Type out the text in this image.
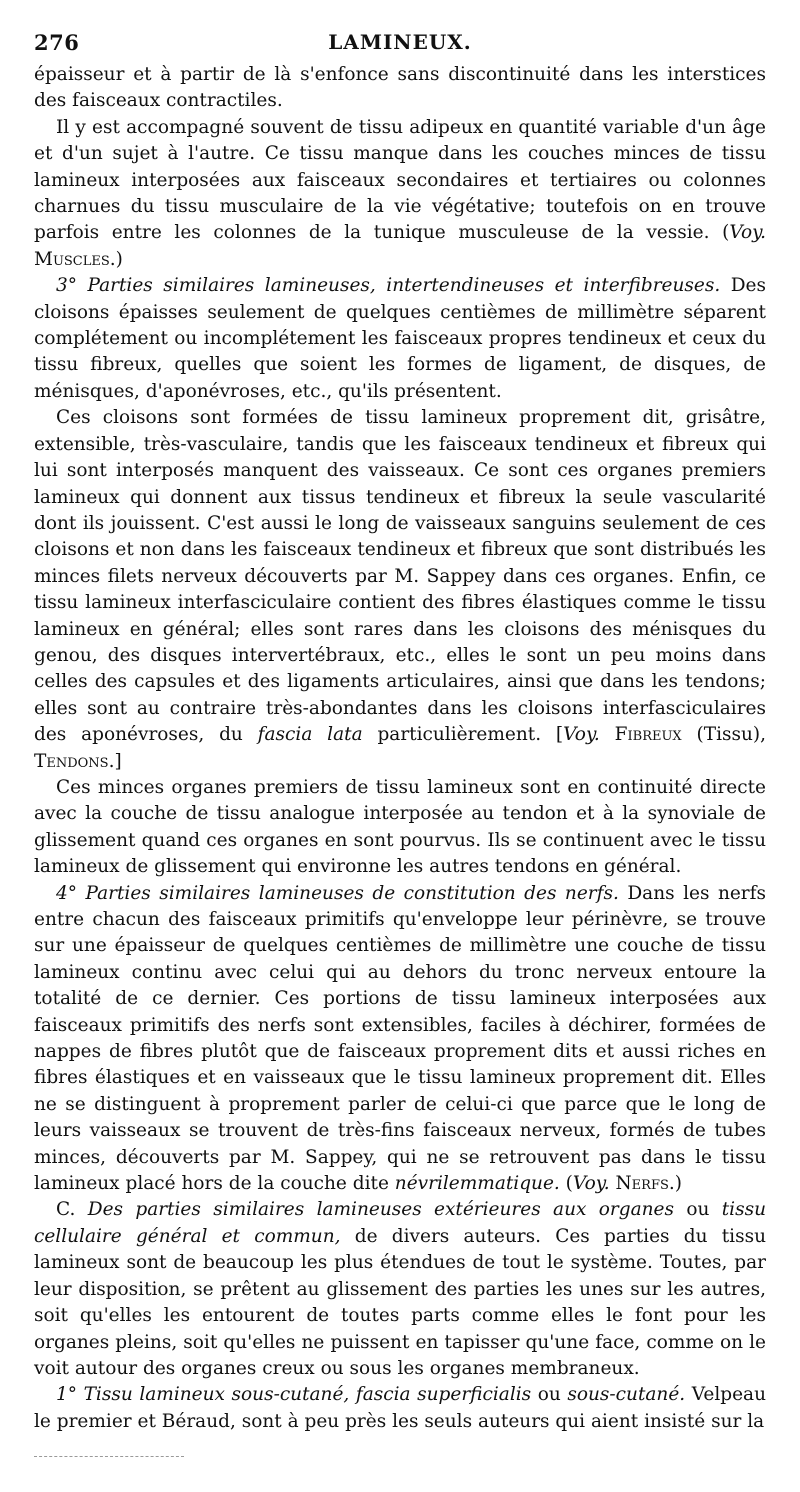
276	LAMINEUX.

épaisseur et à partir de là s'enfonce sans discontinuité dans les interstices des faisceaux contractiles.

Il y est accompagné souvent de tissu adipeux en quantité variable d'un âge et d'un sujet à l'autre. Ce tissu manque dans les couches minces de tissu lamineux interposées aux faisceaux secondaires et tertiaires ou colonnes charnues du tissu musculaire de la vie végétative; toutefois on en trouve parfois entre les colonnes de la tunique musculeuse de la vessie. (Voy. Muscles.)

3° Parties similaires lamineuses, intertendineuses et interfibreuses. Des cloisons épaisses seulement de quelques centièmes de millimètre séparent complétement ou incomplétement les faisceaux propres tendineux et ceux du tissu fibreux, quelles que soient les formes de ligament, de disques, de ménisques, d'aponévroses, etc., qu'ils présentent.

Ces cloisons sont formées de tissu lamineux proprement dit, grisâtre, extensible, très-vasculaire, tandis que les faisceaux tendineux et fibreux qui lui sont interposés manquent des vaisseaux. Ce sont ces organes premiers lamineux qui donnent aux tissus tendineux et fibreux la seule vascularité dont ils jouissent. C'est aussi le long de vaisseaux sanguins seulement de ces cloisons et non dans les faisceaux tendineux et fibreux que sont distribués les minces filets nerveux découverts par M. Sappey dans ces organes. Enfin, ce tissu lamineux interfasciculaire contient des fibres élastiques comme le tissu lamineux en général; elles sont rares dans les cloisons des ménisques du genou, des disques intervertébraux, etc., elles le sont un peu moins dans celles des capsules et des ligaments articulaires, ainsi que dans les tendons; elles sont au contraire très-abondantes dans les cloisons interfasciculaires des aponévroses, du fascia lata particulièrement. [Voy. Fibreux (Tissu), Tendons.]

Ces minces organes premiers de tissu lamineux sont en continuité directe avec la couche de tissu analogue interposée au tendon et à la synoviale de glissement quand ces organes en sont pourvus. Ils se continuent avec le tissu lamineux de glissement qui environne les autres tendons en général.

4° Parties similaires lamineuses de constitution des nerfs. Dans les nerfs entre chacun des faisceaux primitifs qu'enveloppe leur périnèvre, se trouve sur une épaisseur de quelques centièmes de millimètre une couche de tissu lamineux continu avec celui qui au dehors du tronc nerveux entoure la totalité de ce dernier. Ces portions de tissu lamineux interposées aux faisceaux primitifs des nerfs sont extensibles, faciles à déchirer, formées de nappes de fibres plutôt que de faisceaux proprement dits et aussi riches en fibres élastiques et en vaisseaux que le tissu lamineux proprement dit. Elles ne se distinguent à proprement parler de celui-ci que parce que le long de leurs vaisseaux se trouvent de très-fins faisceaux nerveux, formés de tubes minces, découverts par M. Sappey, qui ne se retrouvent pas dans le tissu lamineux placé hors de la couche dite névrilemmatique. (Voy. Nerfs.)

C. Des parties similaires lamineuses extérieures aux organes ou tissu cellulaire général et commun, de divers auteurs. Ces parties du tissu lamineux sont de beaucoup les plus étendues de tout le système. Toutes, par leur disposition, se prêtent au glissement des parties les unes sur les autres, soit qu'elles les entourent de toutes parts comme elles le font pour les organes pleins, soit qu'elles ne puissent en tapisser qu'une face, comme on le voit autour des organes creux ou sous les organes membraneux.

1° Tissu lamineux sous-cutané, fascia superficialis ou sous-cutané. Velpeau le premier et Béraud, sont à peu près les seuls auteurs qui aient insisté sur la
